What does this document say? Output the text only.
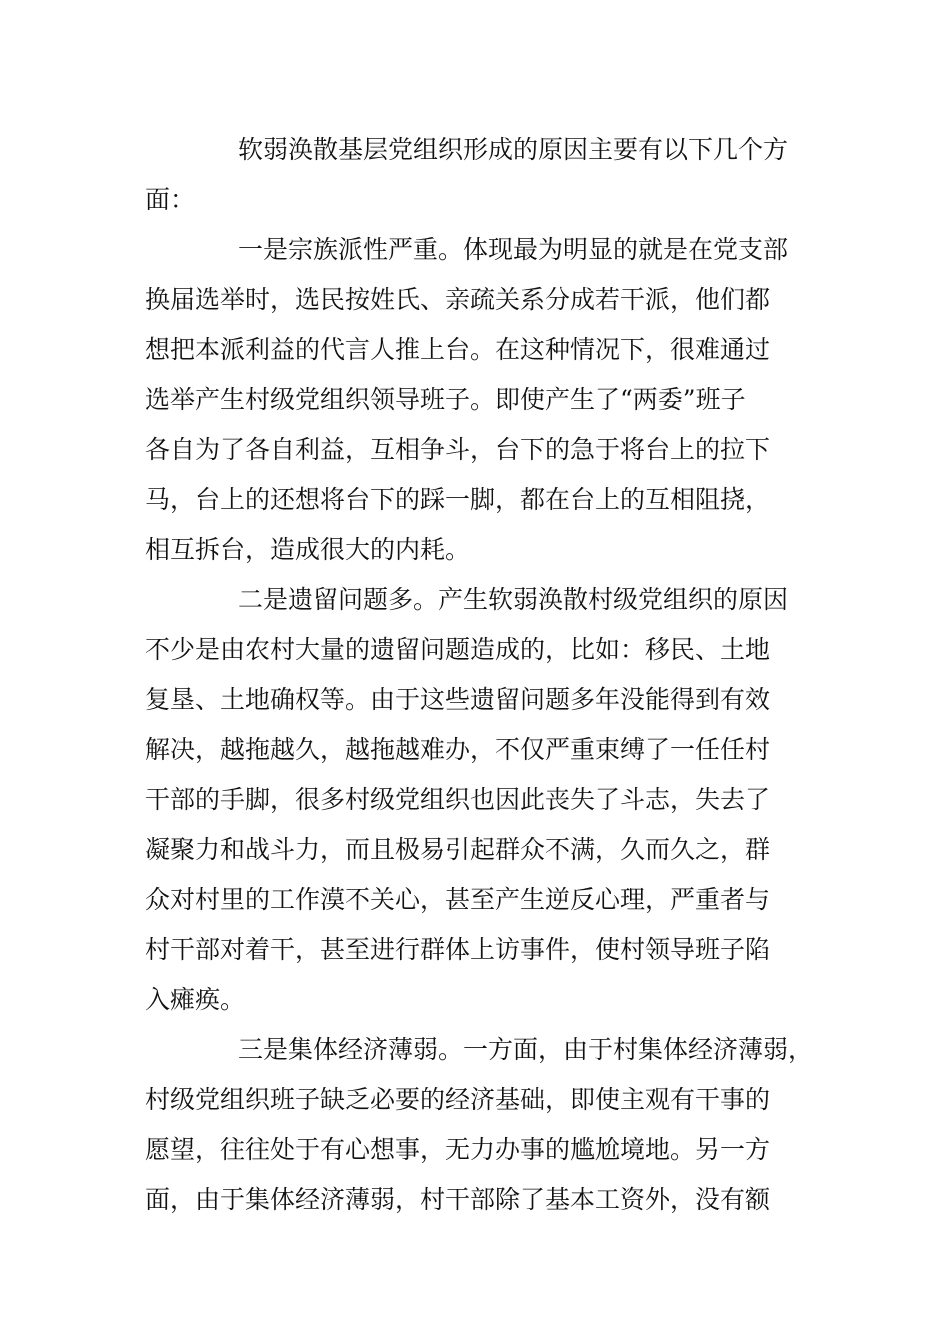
软弱涣散基层党组织形成的原因主要有以下几个方
面：
一是宗族派性严重。体现最为明显的就是在党支部
换届选举时，选民按姓氏、亲疏关系分成若干派，他们都
想把本派利益的代言人推上台。在这种情况下，很难通过
选举产生村级党组织领导班子。即使产生了“两委”班子
各自为了各自利益，互相争斗，台下的急于将台上的拉下
马，台上的还想将台下的踩一脚，都在台上的互相阻挠，
相互拆台，造成很大的内耗。
二是遗留问题多。产生软弱涣散村级党组织的原因
不少是由农村大量的遗留问题造成的，比如：移民、土地
复垦、土地确权等。由于这些遗留问题多年没能得到有效
解决，越拖越久，越拖越难办，不仅严重束缚了一任任村
干部的手脚，很多村级党组织也因此丧失了斗志，失去了
凝聚力和战斗力，而且极易引起群众不满，久而久之，群
众对村里的工作漠不关心，甚至产生逆反心理，严重者与
村干部对着干，甚至进行群体上访事件，使村领导班子陷
入瘫痪。
三是集体经济薄弱。一方面，由于村集体经济薄弱，
村级党组织班子缺乏必要的经济基础，即使主观有干事的
愿望，往往处于有心想事，无力办事的尴尬境地。另一方
面，由于集体经济薄弱，村干部除了基本工资外，没有额
